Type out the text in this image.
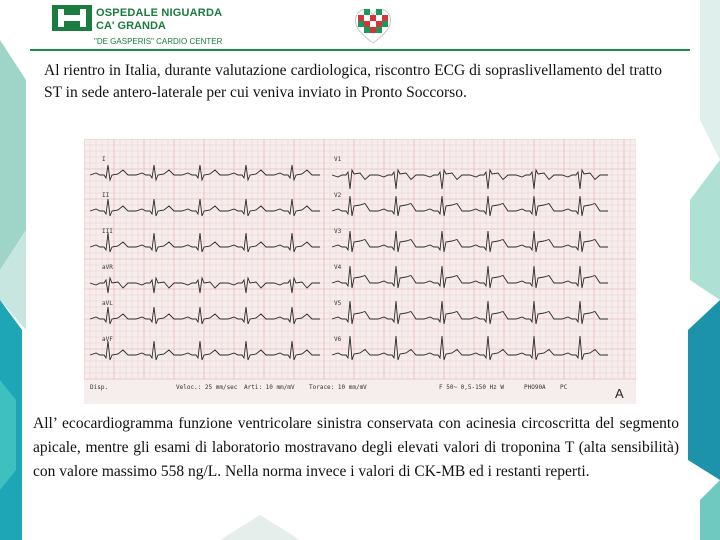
OSPEDALE NIGUARDA
CA' GRANDA
"DE GASPERIS" CARDIO CENTER

Al rientro in Italia, durante valutazione cardiologica, riscontro ECG di sopraslivellamento del tratto ST in sede antero-laterale per cui veniva inviato in Pronto Soccorso.

I	V1
II	V2
III	V3
aVR	V4
aVL	V5
aVF	V6
Disp.	Veloc.: 25 mm/sec Arti: 10 mm/mV Torace: 10 mm/mV	F 50~ 0,5-150 Hz W	PHO90A PC	A

All’ ecocardiogramma funzione ventricolare sinistra conservata con acinesia circoscritta del segmento apicale, mentre gli esami di laboratorio mostravano degli elevati valori di troponina T (alta sensibilità) con valore massimo 558 ng/L. Nella norma invece i valori di CK-MB ed i restanti reperti.
